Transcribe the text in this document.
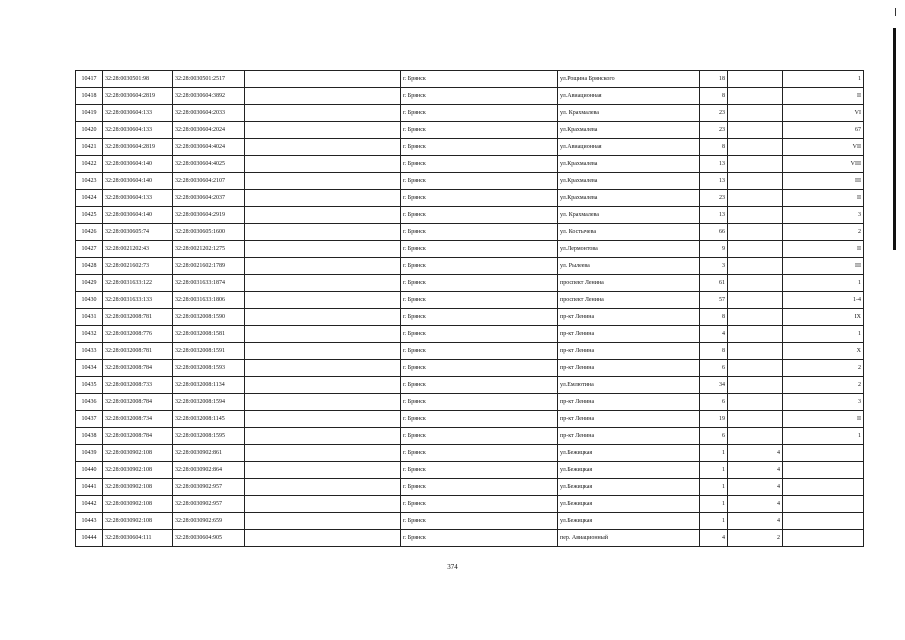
10417	32:28:0030501:98	32:28:0030501:2517		г. Брянск	ул.Рощина Брянского	18		1
10418	32:28:0030604:2819	32:28:0030604:3892		г. Брянск	ул.Авиационная	8		II
10419	32:28:0030604:133	32:28:0030604:2033		г. Брянск	ул. Крахмалева	23		VI
10420	32:28:0030604:133	32:28:0030604:2024		г. Брянск	ул.Крахмалева	23		67
10421	32:28:0030604:2819	32:28:0030604:4024		г. Брянск	ул.Авиационная	8		VII
10422	32:28:0030604:140	32:28:0030604:4025		г. Брянск	ул.Крахмалева	13		VIII
10423	32:28:0030604:140	32:28:0030604:2107		г. Брянск	ул.Крахмалева	13		III
10424	32:28:0030604:133	32:28:0030604:2037		г. Брянск	ул.Крахмалева	23		II
10425	32:28:0030604:140	32:28:0030604:2919		г. Брянск	ул. Крахмалева	13		3
10426	32:28:0030605:74	32:28:0030605:1600		г. Брянск	ул. Костычева	66		2
10427	32:28:0021202:43	32:28:0021202:1275		г. Брянск	ул.Лермонтова	9		II
10428	32:28:0021602:73	32:28:0021602:1789		г. Брянск	ул. Рылеева	3		III
10429	32:28:0031633:122	32:28:0031633:1874		г. Брянск	проспект Ленина	61		1
10430	32:28:0031633:133	32:28:0031633:1806		г. Брянск	проспект Ленина	57		1-4
10431	32:28:0032008:781	32:28:0032008:1590		г. Брянск	пр-кт Ленина	8		IX
10432	32:28:0032008:776	32:28:0032008:1581		г. Брянск	пр-кт Ленина	4		1
10433	32:28:0032008:781	32:28:0032008:1591		г. Брянск	пр-кт Ленина	8		X
10434	32:28:0032008:784	32:28:0032008:1593		г. Брянск	пр-кт Ленина	6		2
10435	32:28:0032008:733	32:28:0032008:1134		г. Брянск	ул.Емлютина	34		2
10436	32:28:0032008:784	32:28:0032008:1594		г. Брянск	пр-кт Ленина	6		3
10437	32:28:0032008:734	32:28:0032008:1145		г. Брянск	пр-кт Ленина	19		II
10438	32:28:0032008:784	32:28:0032008:1595		г. Брянск	пр-кт Ленина	6		1
10439	32:28:0030902:108	32:28:0030902:861		г. Брянск	ул.Бежицкая	1	4	
10440	32:28:0030902:108	32:28:0030902:864		г. Брянск	ул.Бежицкая	1	4	
10441	32:28:0030902:108	32:28:0030902:957		г. Брянск	ул.Бежицкая	1	4	
10442	32:28:0030902:108	32:28:0030902:957		г. Брянск	ул.Бежицкая	1	4	
10443	32:28:0030902:108	32:28:0030902:659		г. Брянск	ул.Бежицкая	1	4	
10444	32:28:0030604:111	32:28:0030604:905		г. Брянск	пер. Авиационный	4	2	
374
